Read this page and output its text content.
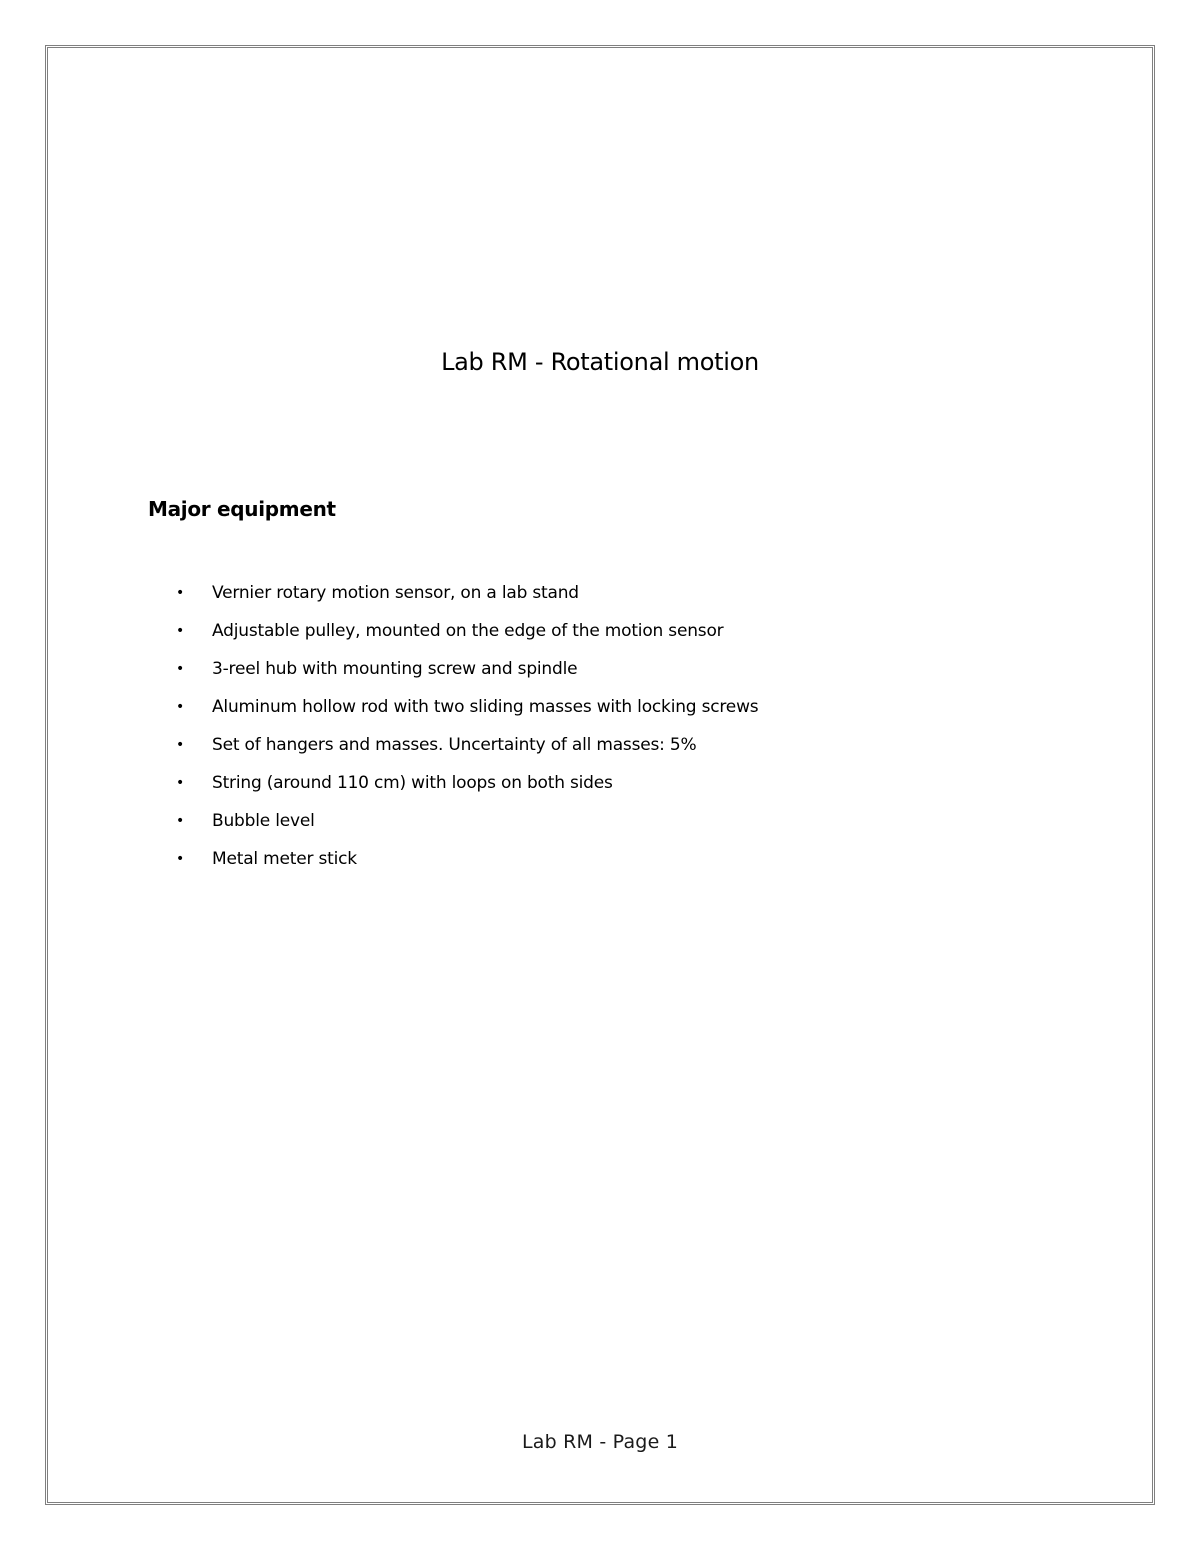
Lab RM - Rotational motion
Major equipment
• Vernier rotary motion sensor, on a lab stand
• Adjustable pulley, mounted on the edge of the motion sensor
• 3-reel hub with mounting screw and spindle
• Aluminum hollow rod with two sliding masses with locking screws
• Set of hangers and masses. Uncertainty of all masses: 5%
• String (around 110 cm) with loops on both sides
• Bubble level
• Metal meter stick
Lab RM - Page 1
